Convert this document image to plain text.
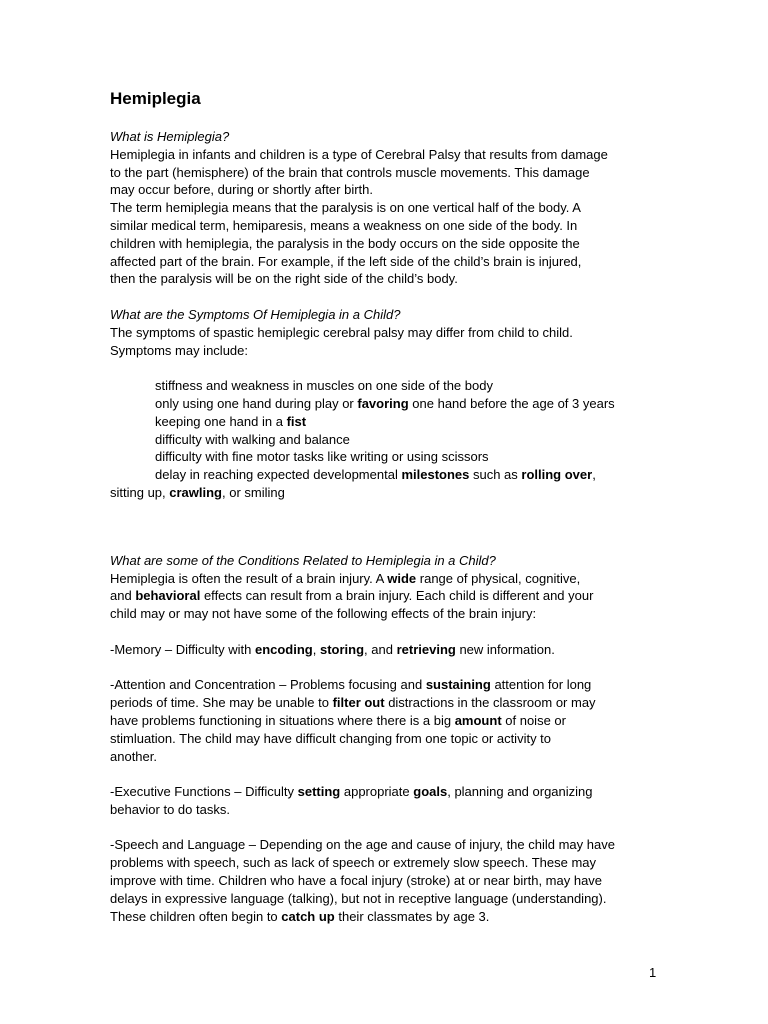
Hemiplegia

What is Hemiplegia?

Hemiplegia in infants and children is a type of Cerebral Palsy that results from damage

to the part (hemisphere) of the brain that controls muscle movements. This damage

may occur before, during or shortly after birth.

The term hemiplegia means that the paralysis is on one vertical half of the body. A

similar medical term, hemiparesis, means a weakness on one side of the body. In

children with hemiplegia, the paralysis in the body occurs on the side opposite the

affected part of the brain. For example, if the left side of the child’s brain is injured,

then the paralysis will be on the right side of the child’s body.

What are the Symptoms Of Hemiplegia in a Child?

The symptoms of spastic hemiplegic cerebral palsy may differ from child to child.

Symptoms may include:

stiffness and weakness in muscles on one side of the body

only using one hand during play or favoring one hand before the age of 3 years

keeping one hand in a fist

difficulty with walking and balance

difficulty with fine motor tasks like writing or using scissors

delay in reaching expected developmental milestones such as rolling over,

sitting up, crawling, or smiling

What are some of the Conditions Related to Hemiplegia in a Child?

Hemiplegia is often the result of a brain injury. A wide range of physical, cognitive,

and behavioral effects can result from a brain injury. Each child is different and your

child may or may not have some of the following effects of the brain injury:

-Memory – Difficulty with encoding, storing, and retrieving new information.

-Attention and Concentration – Problems focusing and sustaining attention for long

periods of time. She may be unable to filter out distractions in the classroom or may

have problems functioning in situations where there is a big amount of noise or

stimluation. The child may have difficult changing from one topic or activity to

another.

-Executive Functions – Difficulty setting appropriate goals, planning and organizing

behavior to do tasks.

-Speech and Language – Depending on the age and cause of injury, the child may have

problems with speech, such as lack of speech or extremely slow speech. These may

improve with time. Children who have a focal injury (stroke) at or near birth, may have

delays in expressive language (talking), but not in receptive language (understanding).

These children often begin to catch up their classmates by age 3.

1
